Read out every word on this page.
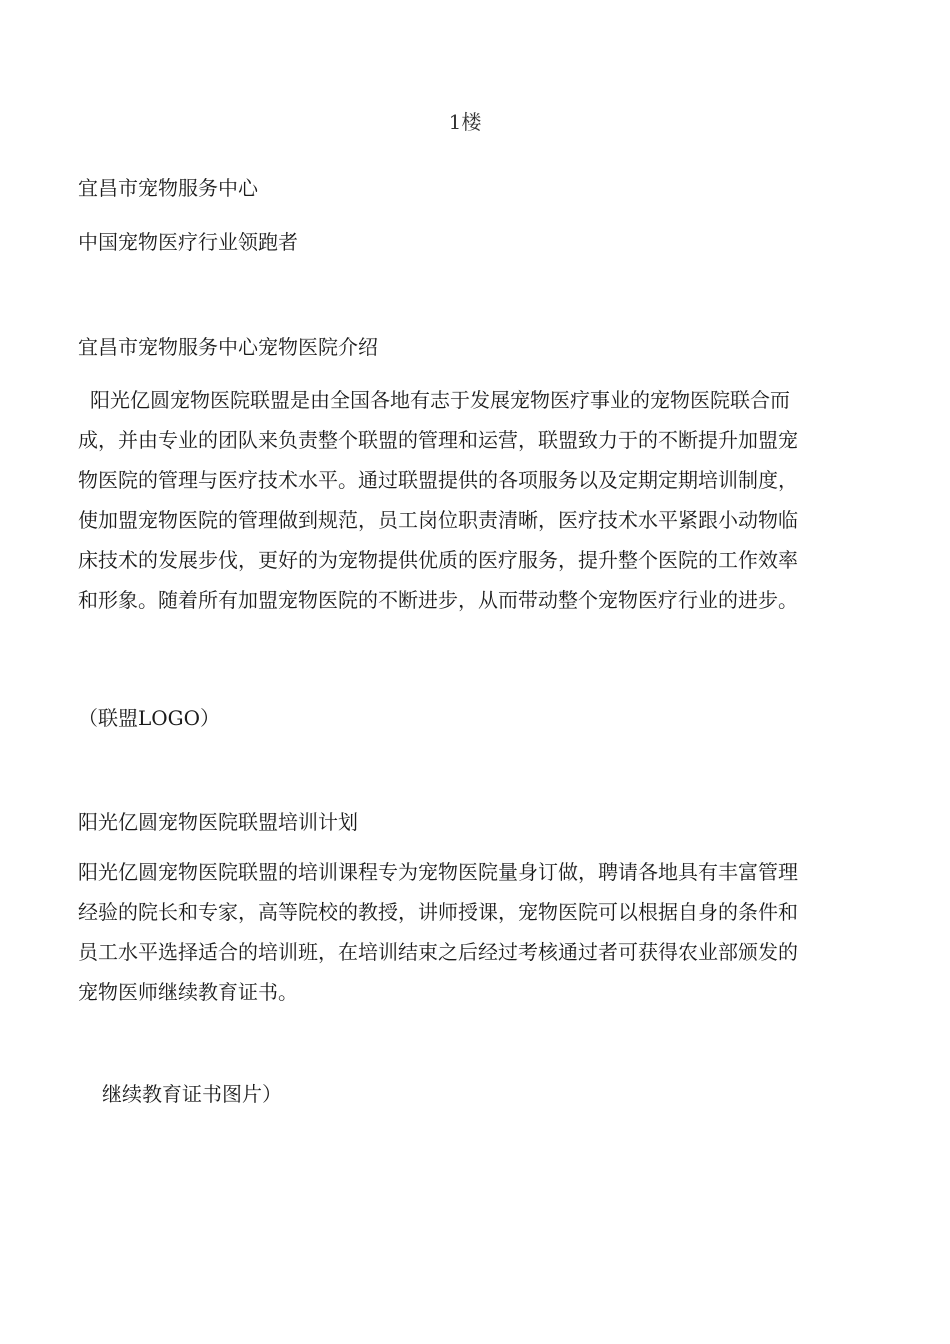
1楼
宜昌市宠物服务中心
中国宠物医疗行业领跑者
宜昌市宠物服务中心宠物医院介绍
阳光亿圆宠物医院联盟是由全国各地有志于发展宠物医疗事业的宠物医院联合而
成，并由专业的团队来负责整个联盟的管理和运营，联盟致力于的不断提升加盟宠
物医院的管理与医疗技术水平。通过联盟提供的各项服务以及定期定期培训制度，
使加盟宠物医院的管理做到规范，员工岗位职责清晰，医疗技术水平紧跟小动物临
床技术的发展步伐，更好的为宠物提供优质的医疗服务，提升整个医院的工作效率
和形象。随着所有加盟宠物医院的不断进步，从而带动整个宠物医疗行业的进步。
（联盟LOGO）
阳光亿圆宠物医院联盟培训计划
阳光亿圆宠物医院联盟的培训课程专为宠物医院量身订做，聘请各地具有丰富管理
经验的院长和专家，高等院校的教授，讲师授课，宠物医院可以根据自身的条件和
员工水平选择适合的培训班，在培训结束之后经过考核通过者可获得农业部颁发的
宠物医师继续教育证书。
继续教育证书图片）
